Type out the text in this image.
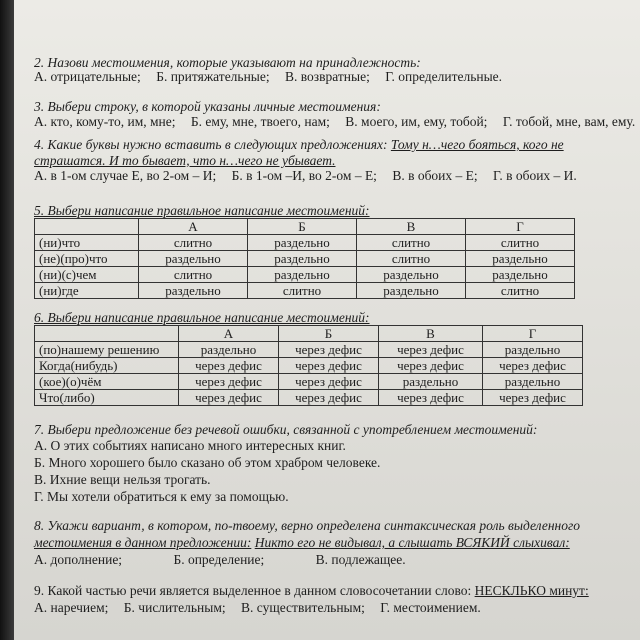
2. Назови местоимения, которые указывают на принадлежность:
А. отрицательные; Б. притяжательные; В. возвратные; Г. определительные.
3. Выбери строку, в которой указаны личные местоимения:
А. кто, кому-то, им, мне; Б. ему, мне, твоего, нам; В. моего, им, ему, тобой; Г. тобой, мне, вам, ему.
4. Какие буквы нужно вставить в следующих предложениях: Тому н…чего бояться, кого не
страшатся. И то бывает, что н…чего не убывает.
А. в 1-ом случае Е, во 2-ом – И; Б. в 1-ом –И, во 2-ом – Е; В. в обоих – Е; Г. в обоих – И.
5. Выбери написание правильное написание местоимений:
	А	Б	В	Г
(ни)что	слитно	раздельно	слитно	слитно
(не)(про)что	раздельно	раздельно	слитно	раздельно
(ни)(с)чем	слитно	раздельно	раздельно	раздельно
(ни)где	раздельно	слитно	раздельно	слитно
6. Выбери написание правильное написание местоимений:
	А	Б	В	Г
(по)нашему решению	раздельно	через дефис	через дефис	раздельно
Когда(нибудь)	через дефис	через дефис	через дефис	через дефис
(кое)(о)чём	через дефис	через дефис	раздельно	раздельно
Что(либо)	через дефис	через дефис	через дефис	через дефис
7. Выбери предложение без речевой ошибки, связанной с употреблением местоимений:
А. О этих событиях написано много интересных книг.
Б. Много хорошего было сказано об этом храбром человеке.
В. Ихние вещи нельзя трогать.
Г. Мы хотели обратиться к ему за помощью.
8. Укажи вариант, в котором, по-твоему, верно определена синтаксическая роль выделенного
местоимения в данном предложении: Никто его не видывал, а слышать ВСЯКИЙ слыхивал:
А. дополнение;	Б. определение;	В. подлежащее.
9. Какой частью речи является выделенное в данном словосочетании слово: НЕСКЛЬКО минут:
А. наречием; Б. числительным; В. существительным; Г. местоимением.
